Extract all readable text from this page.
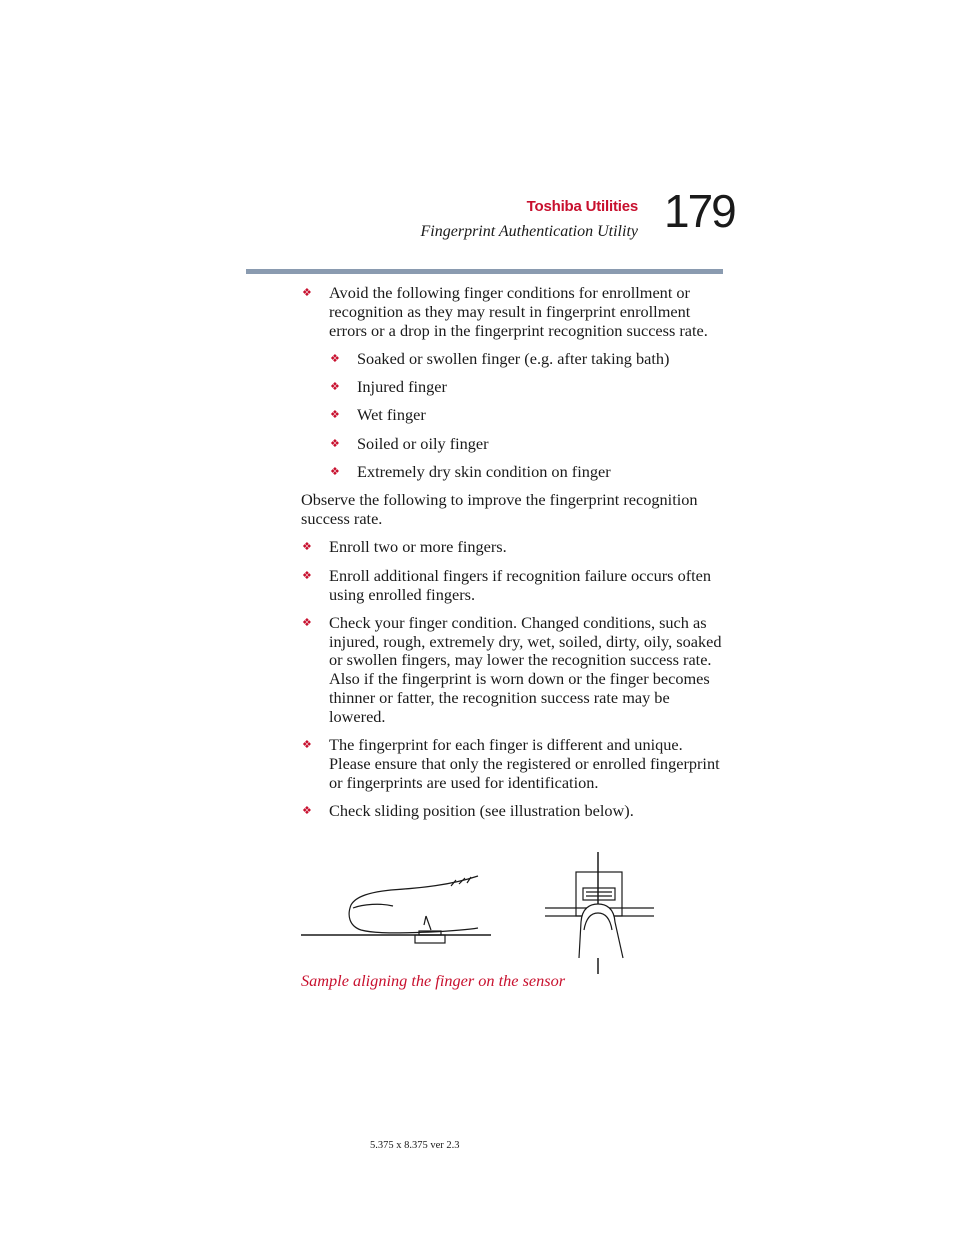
Toshiba Utilities
Fingerprint Authentication Utility 179
❖ Avoid the following finger conditions for enrollment or recognition as they may result in fingerprint enrollment errors or a drop in the fingerprint recognition success rate.
❖ Soaked or swollen finger (e.g. after taking bath)
❖ Injured finger
❖ Wet finger
❖ Soiled or oily finger
❖ Extremely dry skin condition on finger

Observe the following to improve the fingerprint recognition success rate.

❖ Enroll two or more fingers.
❖ Enroll additional fingers if recognition failure occurs often using enrolled fingers.
❖ Check your finger condition. Changed conditions, such as injured, rough, extremely dry, wet, soiled, dirty, oily, soaked or swollen fingers, may lower the recognition success rate. Also if the fingerprint is worn down or the finger becomes thinner or fatter, the recognition success rate may be lowered.
❖ The fingerprint for each finger is different and unique. Please ensure that only the registered or enrolled fingerprint or fingerprints are used for identification.
❖ Check sliding position (see illustration below).
Sample aligning the finger on the sensor
5.375 x 8.375 ver 2.3
